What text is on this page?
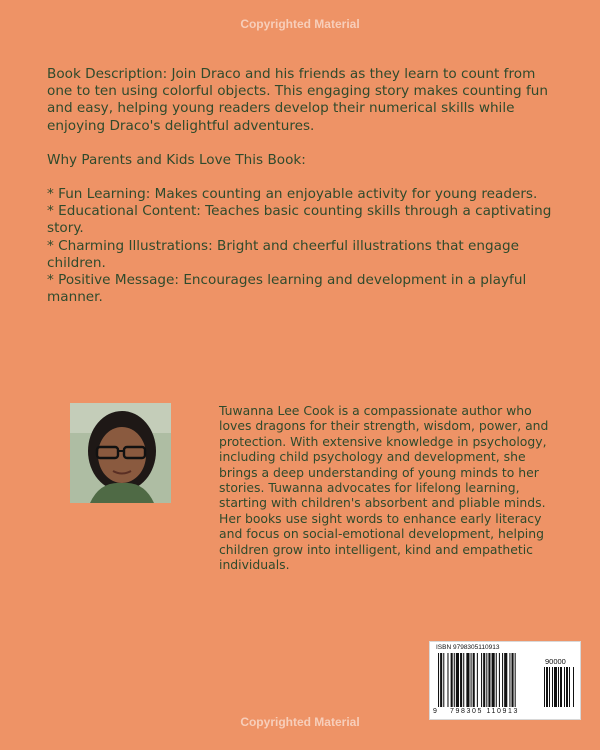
Copyrighted Material

Book Description: Join Draco and his friends as they learn to count from one to ten using colorful objects. This engaging story makes counting fun and easy, helping young readers develop their numerical skills while enjoying Draco's delightful adventures.

Why Parents and Kids Love This Book:

* Fun Learning: Makes counting an enjoyable activity for young readers.

* Educational Content: Teaches basic counting skills through a captivating story.

* Charming Illustrations: Bright and cheerful illustrations that engage children.

* Positive Message: Encourages learning and development in a playful manner.

Tuwanna Lee Cook is a compassionate author who loves dragons for their strength, wisdom, power, and protection. With extensive knowledge in psychology, including child psychology and development, she brings a deep understanding of young minds to her stories. Tuwanna advocates for lifelong learning, starting with children's absorbent and pliable minds. Her books use sight words to enhance early literacy and focus on social-emotional development, helping children grow into intelligent, kind and empathetic individuals.
ISBN 9798305110913
90000
9 798305 110913
Copyrighted Material
